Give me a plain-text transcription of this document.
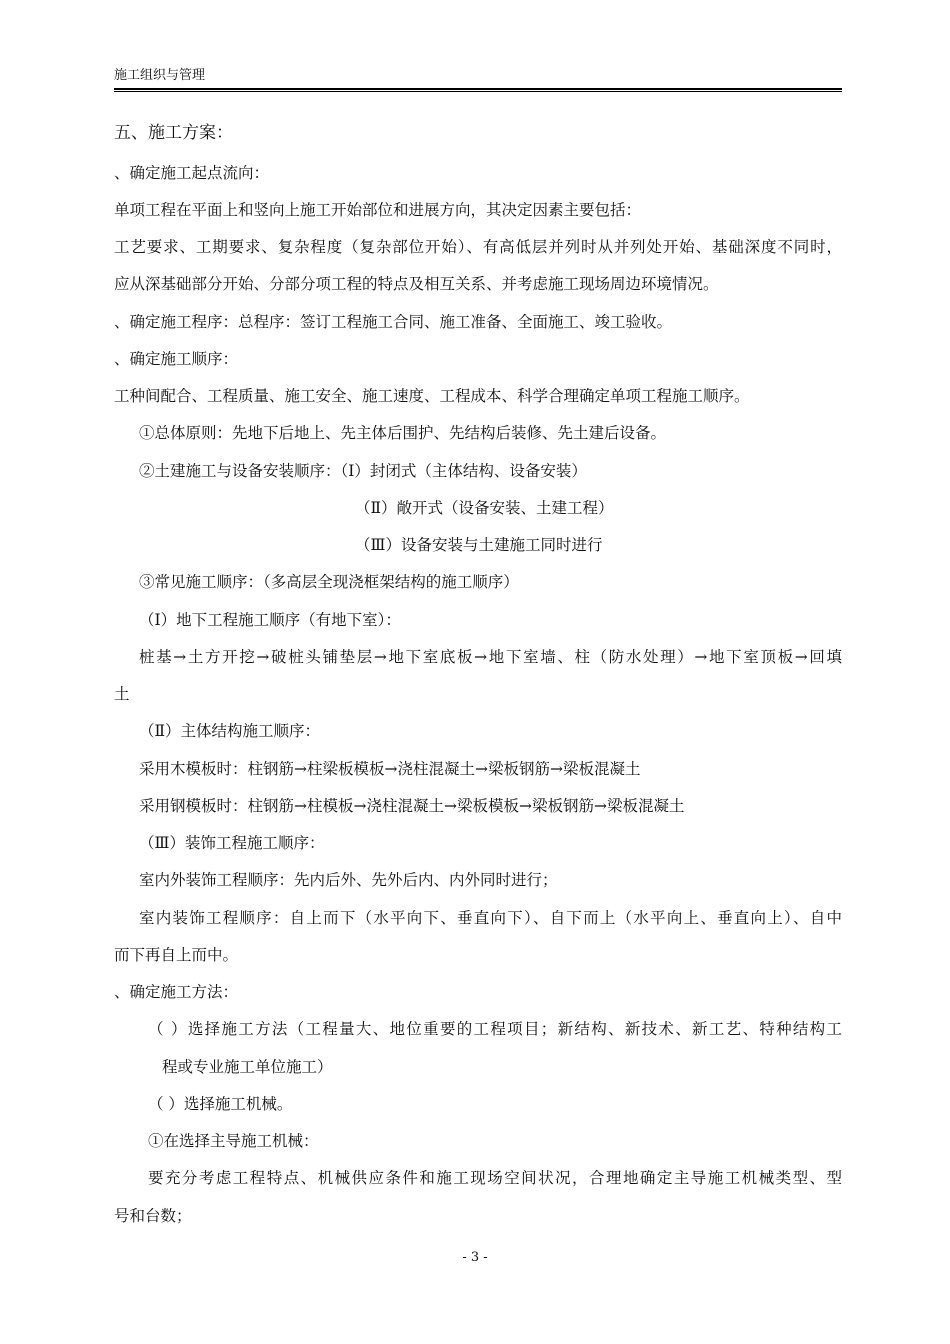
施工组织与管理
五、施工方案：
、确定施工起点流向：
单项工程在平面上和竖向上施工开始部位和进展方向，其决定因素主要包括：
工艺要求、工期要求、复杂程度（复杂部位开始）、有高低层并列时从并列处开始、基础深度不同时，
应从深基础部分开始、分部分项工程的特点及相互关系、并考虑施工现场周边环境情况。
、确定施工程序：总程序：签订工程施工合同、施工准备、全面施工、竣工验收。
、确定施工顺序：
工种间配合、工程质量、施工安全、施工速度、工程成本、科学合理确定单项工程施工顺序。
①总体原则：先地下后地上、先主体后围护、先结构后装修、先土建后设备。
②土建施工与设备安装顺序：（Ⅰ）封闭式（主体结构、设备安装）
（Ⅱ）敞开式（设备安装、土建工程）
（Ⅲ）设备安装与土建施工同时进行
③常见施工顺序：（多高层全现浇框架结构的施工顺序）
（Ⅰ）地下工程施工顺序（有地下室）：
桩基→土方开挖→破桩头铺垫层→地下室底板→地下室墙、柱（防水处理）→地下室顶板→回填
土
（Ⅱ）主体结构施工顺序：
采用木模板时：柱钢筋→柱梁板模板→浇柱混凝土→梁板钢筋→梁板混凝土
采用钢模板时：柱钢筋→柱模板→浇柱混凝土→梁板模板→梁板钢筋→梁板混凝土
（Ⅲ）装饰工程施工顺序：
室内外装饰工程顺序：先内后外、先外后内、内外同时进行；
室内装饰工程顺序：自上而下（水平向下、垂直向下）、自下而上（水平向上、垂直向上）、自中
而下再自上而中。
、确定施工方法：
（ ）选择施工方法（工程量大、地位重要的工程项目；新结构、新技术、新工艺、特种结构工
程或专业施工单位施工）
（ ）选择施工机械。
①在选择主导施工机械：
要充分考虑工程特点、机械供应条件和施工现场空间状况，合理地确定主导施工机械类型、型
号和台数；
- 3 -
